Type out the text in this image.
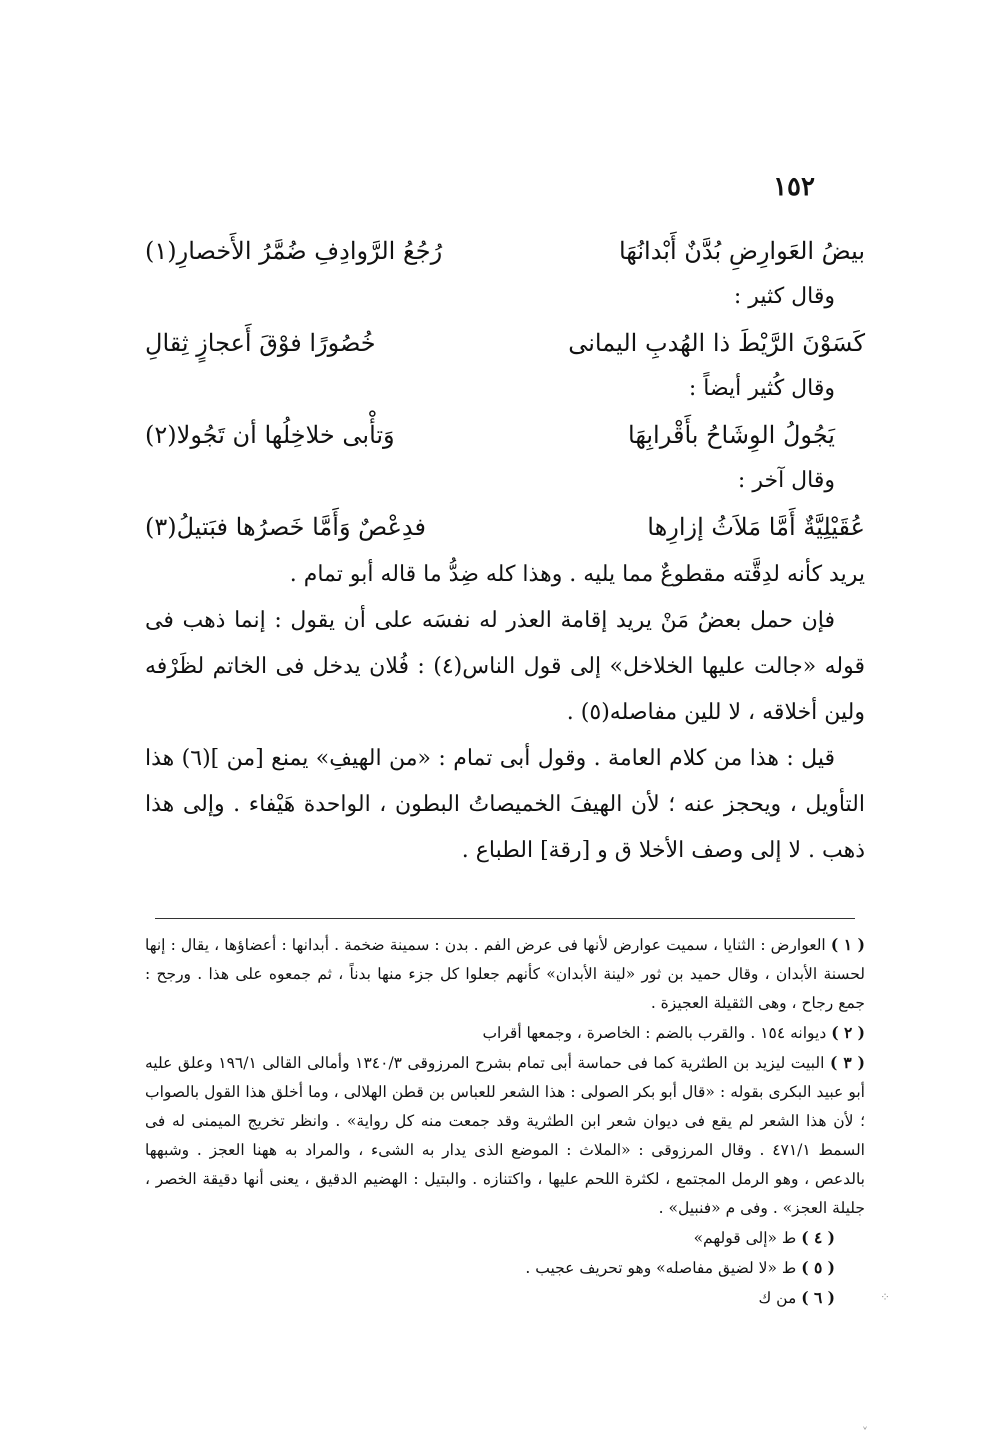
١٥٢
بيضُ العَوارِضِ بُدَّنٌ أَبْدانُهَا
رُجُعُ الرَّوادِفِ ضُمَّرُ الأَخصارِ(١)
وقال كثير :
كَسَوْنَ الرَّيْطَ ذا الهُدبِ اليمانى
خُصُورًا فوْقَ أَعجازٍ ثِقالِ
وقال كُثير أيضاً :
يَجُولُ الوِشَاحُ بأَقْرابِهَا
وَتأْبى خلاخِلُها أن تَجُولا(٢)
وقال آخر :
عُقَيْلِيَّةٌ أَمَّا مَلاَثُ إزارِها
فدِعْصٌ وَأَمَّا خَصرُها فبَتيلُ(٣)
يريد كأنه لدِقَّته مقطوعٌ مما يليه . وهذا كله ضِدُّ ما قاله أبو تمام .
فإن حمل بعضُ مَنْ يريد إقامة العذر له نفسَه على أن يقول : إنما ذهب فى قوله «جالت عليها الخلاخل» إلى قول الناس(٤) : فُلان يدخل فى الخاتم لظَرْفه ولين أخلاقه ، لا للين مفاصله(٥) .
قيل : هذا من كلام العامة . وقول أبى تمام : «من الهيفِ» يمنع [من ](٦) هذا التأويل ، ويحجز عنه ؛ لأن الهيفَ الخميصاتُ البطون ، الواحدة هَيْفاء . وإلى هذا ذهب . لا إلى وصف الأخلا ق و [رقة] الطباع .

( ١ ) العوارض : الثنايا ، سميت عوارض لأنها فى عرض الفم . بدن : سمينة ضخمة . أبدانها : أعضاؤها ، يقال : إنها لحسنة الأبدان ، وقال حميد بن ثور «لينة الأبدان» كأنهم جعلوا كل جزء منها بدناً ، ثم جمعوه على هذا . ورجح : جمع رجاح ، وهى الثقيلة العجيزة .

( ٢ ) ديوانه ١٥٤ . والقرب بالضم : الخاصرة ، وجمعها أقراب

( ٣ ) البيت ليزيد بن الطثرية كما فى حماسة أبى تمام بشرح المرزوقى ١٣٤٠/٣ وأمالى القالى ١٩٦/١ وعلق عليه أبو عبيد البكرى بقوله : «قال أبو بكر الصولى : هذا الشعر للعباس بن قطن الهلالى ، وما أخلق هذا القول بالصواب ؛ لأن هذا الشعر لم يقع فى ديوان شعر ابن الطثرية وقد جمعت منه كل رواية» . وانظر تخريج الميمنى له فى السمط ٤٧١/١ . وقال المرزوقى : «الملاث : الموضع الذى يدار به الشىء ، والمراد به ههنا العجز . وشبهها بالدعص ، وهو الرمل المجتمع ، لكثرة اللحم عليها ، واكتنازه . والبتيل : الهضيم الدقيق ، يعنى أنها دقيقة الخصر ، جليلة العجز» . وفى م «فنبيل» .

( ٤ ) ط «إلى قولهم»

( ٥ ) ط «لا لضيق مفاصله» وهو تحريف عجيب .

( ٦ ) من ك	⁘
ˬ
